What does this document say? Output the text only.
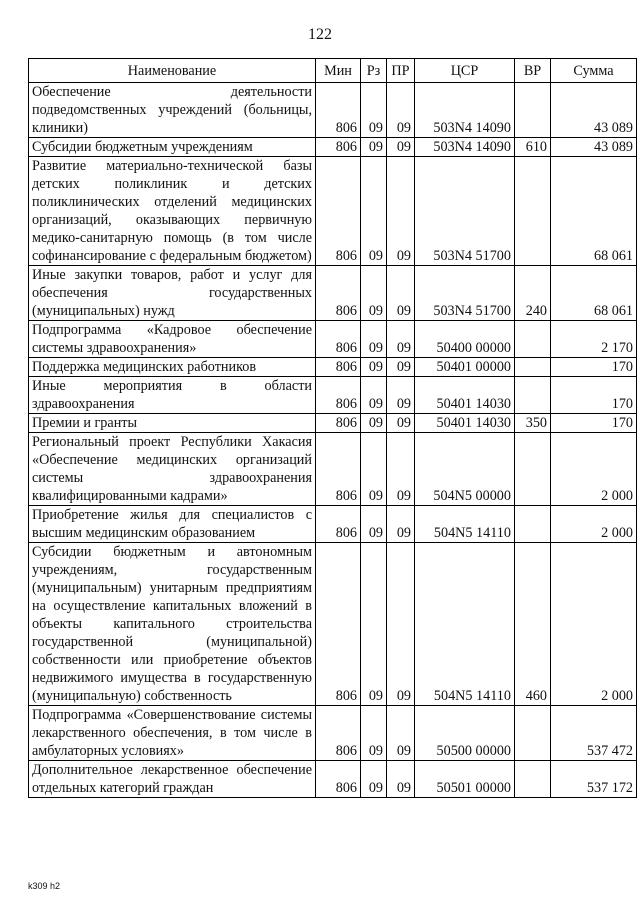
122
Наименование	Мин	Рз	ПР	ЦСР	ВР	Сумма
Обеспечение деятельности подведомственных учреждений (больницы, клиники)	806	09	09	503N4 14090		43 089
Субсидии бюджетным учреждениям	806	09	09	503N4 14090	610	43 089
Развитие материально-технической базы детских поликлиник и детских поликлинических отделений медицинских организаций, оказывающих первичную медико-санитарную помощь (в том числе софинансирование с федеральным бюджетом)	806	09	09	503N4 51700		68 061
Иные закупки товаров, работ и услуг для обеспечения государственных (муниципальных) нужд	806	09	09	503N4 51700	240	68 061
Подпрограмма «Кадровое обеспечение системы здравоохранения»	806	09	09	50400 00000		2 170
Поддержка медицинских работников	806	09	09	50401 00000		170
Иные мероприятия в области здравоохранения	806	09	09	50401 14030		170
Премии и гранты	806	09	09	50401 14030	350	170
Региональный проект Республики Хакасия «Обеспечение медицинских организаций системы здравоохранения квалифицированными кадрами»	806	09	09	504N5 00000		2 000
Приобретение жилья для специалистов с высшим медицинским образованием	806	09	09	504N5 14110		2 000
Субсидии бюджетным и автономным учреждениям, государственным (муниципальным) унитарным предприятиям на осуществление капитальных вложений в объекты капитального строительства государственной (муниципальной) собственности или приобретение объектов недвижимого имущества в государственную (муниципальную) собственность	806	09	09	504N5 14110	460	2 000
Подпрограмма «Совершенствование системы лекарственного обеспечения, в том числе в амбулаторных условиях»	806	09	09	50500 00000		537 472
Дополнительное лекарственное обеспечение отдельных категорий граждан	806	09	09	50501 00000		537 172
k309 h2
